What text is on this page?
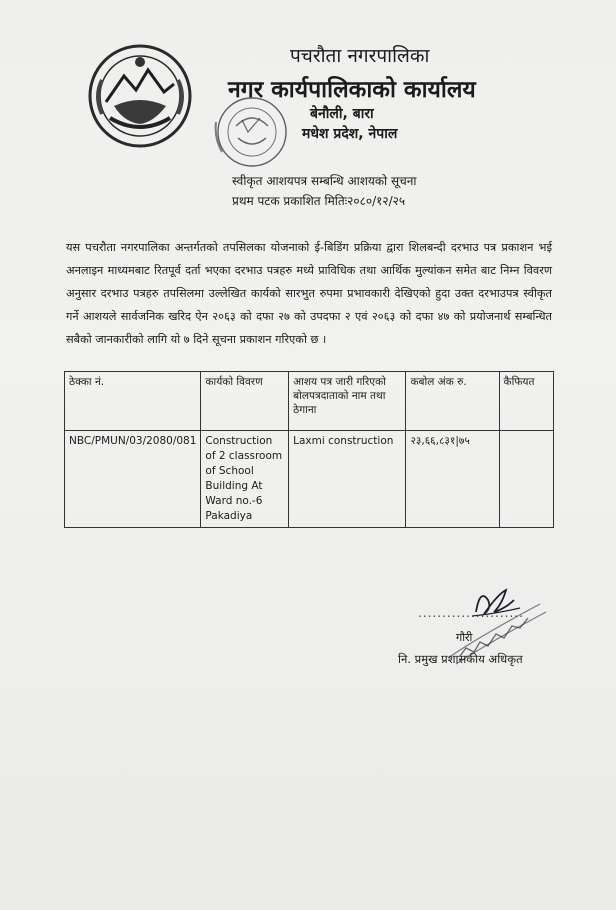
पचरौता नगरपालिका
नगर कार्यपालिकाको कार्यालय
बेनौली, बारा
मधेश प्रदेश, नेपाल
स्वीकृत आशयपत्र सम्बन्धि आशयको सूचना
प्रथम पटक प्रकाशित मितिः२०८०/१२/२५
यस पचरौता नगरपालिका अन्तर्गतको तपसिलका योजनाको ई-बिडिंग प्रक्रिया द्वारा शिलबन्दी दरभाउ पत्र प्रकाशन भई अनलाइन माध्यमबाट रितपूर्व दर्ता भएका दरभाउ पत्रहरु मध्ये प्राविधिक तथा आर्थिक मुल्यांकन समेत बाट निम्न विवरण अनुसार दरभाउ पत्रहरु तपसिलमा उल्लेखित कार्यको सारभुत रुपमा प्रभावकारी देखिएको हुदा उक्त दरभाउपत्र स्वीकृत गर्ने आशयले सार्वजनिक खरिद ऐन २०६३ को दफा २७ को उपदफा २ एवं २०६३ को दफा ४७ को प्रयोजनार्थ सम्बन्धित सबैको जानकारीको लागि यो ७ दिने सूचना प्रकाशन गरिएको छ ।
ठेक्का नं.	कार्यको विवरण	आशय पत्र जारी गरिएको बोलपत्रदाताको नाम तथा ठेगाना	कबोल अंक रु.	कैफियत
NBC/PMUN/03/2080/081	Construction of 2 classroom of School Building At Ward no.-6 Pakadiya	Laxmi construction	२३,६६,८३१|७५	
......................
गौरी
नि. प्रमुख प्रशासकीय अधिकृत
